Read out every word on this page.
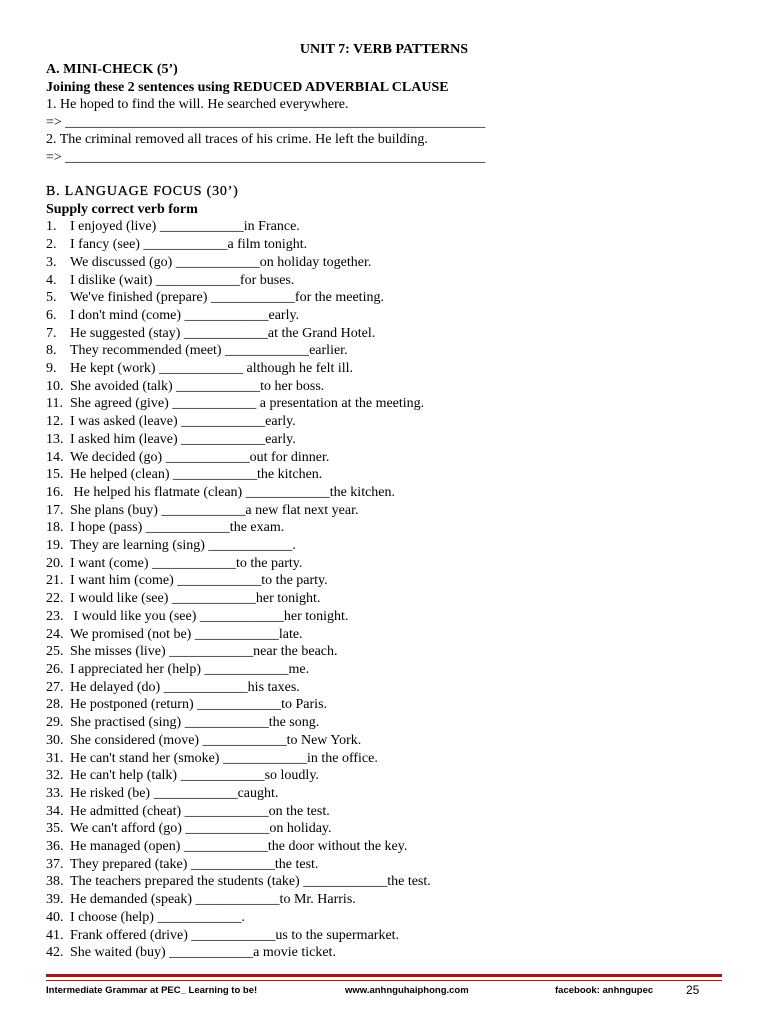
UNIT 7: VERB PATTERNS
A. MINI-CHECK (5’)
Joining these 2 sentences using REDUCED ADVERBIAL CLAUSE
1. He hoped to find the will. He searched everywhere.
=> ____________________________________________________________
2. The criminal removed all traces of his crime. He left the building.
=> ____________________________________________________________
B. LANGUAGE FOCUS (30’)
Supply correct verb form
1. I enjoyed (live) ____________in France.
2. I fancy (see) ____________a film tonight.
3. We discussed (go) ____________on holiday together.
4. I dislike (wait) ____________for buses.
5. We've finished (prepare) ____________for the meeting.
6. I don't mind (come) ____________early.
7. He suggested (stay) ____________at the Grand Hotel.
8. They recommended (meet) ____________earlier.
9. He kept (work) ____________ although he felt ill.
10. She avoided (talk) ____________to her boss.
11. She agreed (give) ____________ a presentation at the meeting.
12. I was asked (leave) ____________early.
13. I asked him (leave) ____________early.
14. We decided (go) ____________out for dinner.
15. He helped (clean) ____________the kitchen.
16. He helped his flatmate (clean) ____________the kitchen.
17. She plans (buy) ____________a new flat next year.
18. I hope (pass) ____________the exam.
19. They are learning (sing) ____________.
20. I want (come) ____________to the party.
21. I want him (come) ____________to the party.
22. I would like (see) ____________her tonight.
23. I would like you (see) ____________her tonight.
24. We promised (not be) ____________late.
25. She misses (live) ____________near the beach.
26. I appreciated her (help) ____________me.
27. He delayed (do) ____________his taxes.
28. He postponed (return) ____________to Paris.
29. She practised (sing) ____________the song.
30. She considered (move) ____________to New York.
31. He can't stand her (smoke) ____________in the office.
32. He can't help (talk) ____________so loudly.
33. He risked (be) ____________caught.
34. He admitted (cheat) ____________on the test.
35. We can't afford (go) ____________on holiday.
36. He managed (open) ____________the door without the key.
37. They prepared (take) ____________the test.
38. The teachers prepared the students (take) ____________the test.
39. He demanded (speak) ____________to Mr. Harris.
40. I choose (help) ____________.
41. Frank offered (drive) ____________us to the supermarket.
42. She waited (buy) ____________a movie ticket.
Intermediate Grammar at PEC_ Learning to be!	www.anhnguhaiphong.com	facebook: anhngupec	25
